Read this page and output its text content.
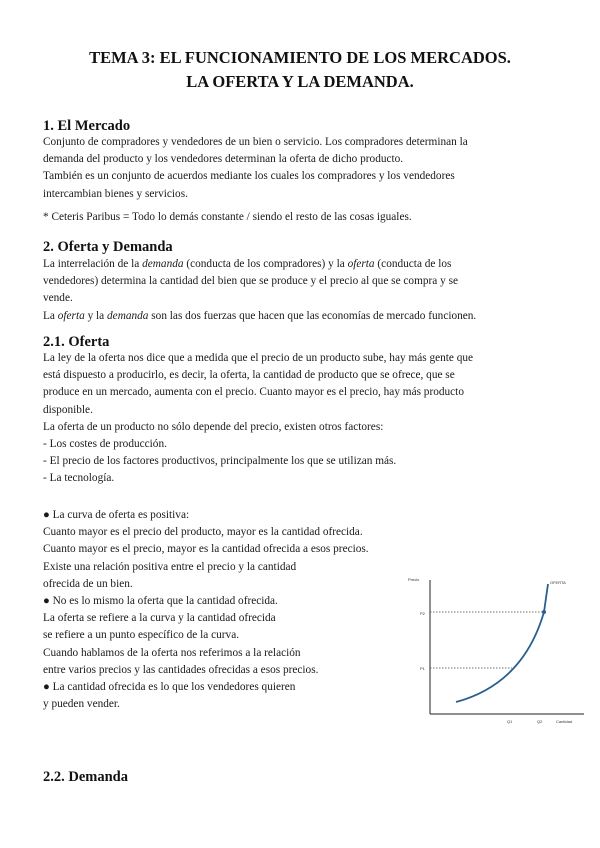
TEMA 3: EL FUNCIONAMIENTO DE LOS MERCADOS.
LA OFERTA Y LA DEMANDA.
1. El Mercado
Conjunto de compradores y vendedores de un bien o servicio. Los compradores determinan la
demanda del producto y los vendedores determinan la oferta de dicho producto.
También es un conjunto de acuerdos mediante los cuales los compradores y los vendedores
intercambian bienes y servicios.
* Ceteris Paribus = Todo lo demás constante / siendo el resto de las cosas iguales.
2. Oferta y Demanda
La interrelación de la demanda (conducta de los compradores) y la oferta (conducta de los
vendedores) determina la cantidad del bien que se produce y el precio al que se compra y se
vende.
La oferta y la demanda son las dos fuerzas que hacen que las economías de mercado funcionen.
2.1. Oferta
La ley de la oferta nos dice que a medida que el precio de un producto sube, hay más gente que
está dispuesto a producirlo, es decir, la oferta, la cantidad de producto que se ofrece, que se
produce en un mercado, aumenta con el precio. Cuanto mayor es el precio, hay más producto
disponible.
La oferta de un producto no sólo depende del precio, existen otros factores:
- Los costes de producción.
- El precio de los factores productivos, principalmente los que se utilizan más.
- La tecnología.
● La curva de oferta es positiva:
Cuanto mayor es el precio del producto, mayor es la cantidad ofrecida.
Cuanto mayor es el precio, mayor es la cantidad ofrecida a esos precios.
Existe una relación positiva entre el precio y la cantidad
ofrecida de un bien.
● No es lo mismo la oferta que la cantidad ofrecida.
La oferta se refiere a la curva y la cantidad ofrecida
se refiere a un punto específico de la curva.
Cuando hablamos de la oferta nos referimos a la relación
entre varios precios y las cantidades ofrecidas a esos precios.
● La cantidad ofrecida es lo que los vendedores quieren
y pueden vender.
Precio
OFERTA
P2
P1
Q1	Q2	Cantidad
2.2. Demanda
